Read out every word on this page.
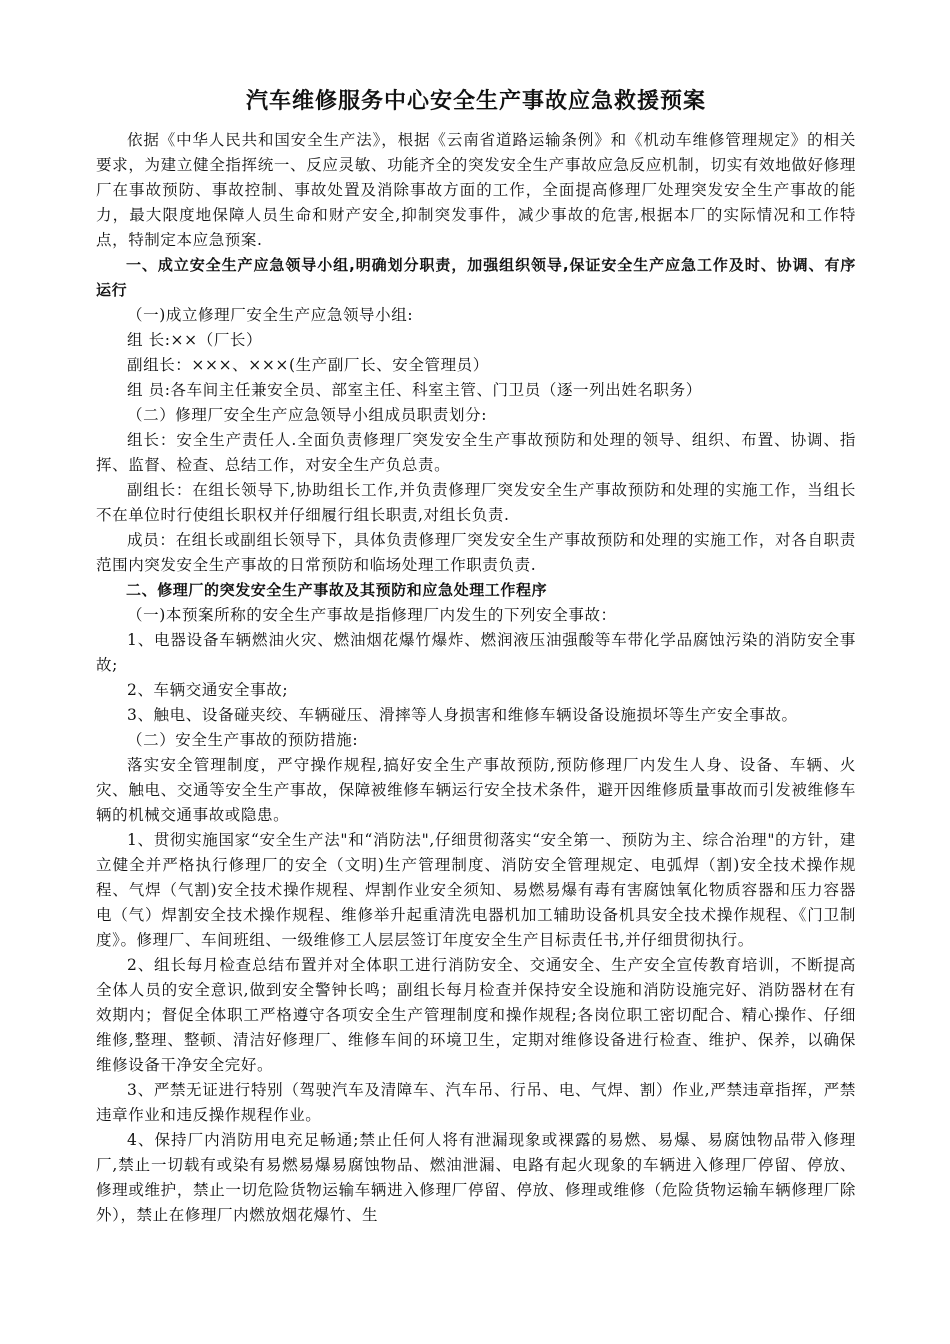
汽车维修服务中心安全生产事故应急救援预案

依据《中华人民共和国安全生产法》，根据《云南省道路运输条例》和《机动车维修管理规定》的相关要求，为建立健全指挥统一、反应灵敏、功能齐全的突发安全生产事故应急反应机制，切实有效地做好修理厂在事故预防、事故控制、事故处置及消除事故方面的工作，全面提高修理厂处理突发安全生产事故的能力，最大限度地保障人员生命和财产安全,抑制突发事件，减少事故的危害,根据本厂的实际情况和工作特点，特制定本应急预案.

一、成立安全生产应急领导小组,明确划分职责，加强组织领导,保证安全生产应急工作及时、协调、有序运行

（一)成立修理厂安全生产应急领导小组:

组 长:××（厂长）

副组长：×××、×××(生产副厂长、安全管理员）

组 员:各车间主任兼安全员、部室主任、科室主管、门卫员（逐一列出姓名职务）

（二）修理厂安全生产应急领导小组成员职责划分:

组长：安全生产责任人.全面负责修理厂突发安全生产事故预防和处理的领导、组织、布置、协调、指挥、监督、检查、总结工作，对安全生产负总责。

副组长：在组长领导下,协助组长工作,并负责修理厂突发安全生产事故预防和处理的实施工作，当组长不在单位时行使组长职权并仔细履行组长职责,对组长负责.

成员：在组长或副组长领导下，具体负责修理厂突发安全生产事故预防和处理的实施工作，对各自职责范围内突发安全生产事故的日常预防和临场处理工作职责负责.

二、修理厂的突发安全生产事故及其预防和应急处理工作程序

（一)本预案所称的安全生产事故是指修理厂内发生的下列安全事故：

1、电器设备车辆燃油火灾、燃油烟花爆竹爆炸、燃润液压油强酸等车带化学品腐蚀污染的消防安全事故;

2、车辆交通安全事故;

3、触电、设备碰夹绞、车辆碰压、滑摔等人身损害和维修车辆设备设施损坏等生产安全事故。

（二）安全生产事故的预防措施:

落实安全管理制度，严守操作规程,搞好安全生产事故预防,预防修理厂内发生人身、设备、车辆、火灾、触电、交通等安全生产事故，保障被维修车辆运行安全技术条件，避开因维修质量事故而引发被维修车辆的机械交通事故或隐患。

1、贯彻实施国家“安全生产法"和“消防法",仔细贯彻落实“安全第一、预防为主、综合治理"的方针，建立健全并严格执行修理厂的安全（文明)生产管理制度、消防安全管理规定、电弧焊（割)安全技术操作规程、气焊（气割)安全技术操作规程、焊割作业安全须知、易燃易爆有毒有害腐蚀氧化物质容器和压力容器电（气）焊割安全技术操作规程、维修举升起重清洗电器机加工辅助设备机具安全技术操作规程、《门卫制度》。修理厂、车间班组、一级维修工人层层签订年度安全生产目标责任书,并仔细贯彻执行。

2、组长每月检查总结布置并对全体职工进行消防安全、交通安全、生产安全宣传教育培训，不断提高全体人员的安全意识,做到安全警钟长鸣；副组长每月检查并保持安全设施和消防设施完好、消防器材在有效期内；督促全体职工严格遵守各项安全生产管理制度和操作规程;各岗位职工密切配合、精心操作、仔细维修,整理、整顿、清洁好修理厂、维修车间的环境卫生，定期对维修设备进行检查、维护、保养，以确保维修设备干净安全完好。

3、严禁无证进行特别（驾驶汽车及清障车、汽车吊、行吊、电、气焊、割）作业,严禁违章指挥，严禁违章作业和违反操作规程作业。

4、保持厂内消防用电充足畅通;禁止任何人将有泄漏现象或裸露的易燃、易爆、易腐蚀物品带入修理厂,禁止一切载有或染有易燃易爆易腐蚀物品、燃油泄漏、电路有起火现象的车辆进入修理厂停留、停放、修理或维护，禁止一切危险货物运输车辆进入修理厂停留、停放、修理或维修（危险货物运输车辆修理厂除外），禁止在修理厂内燃放烟花爆竹、生
